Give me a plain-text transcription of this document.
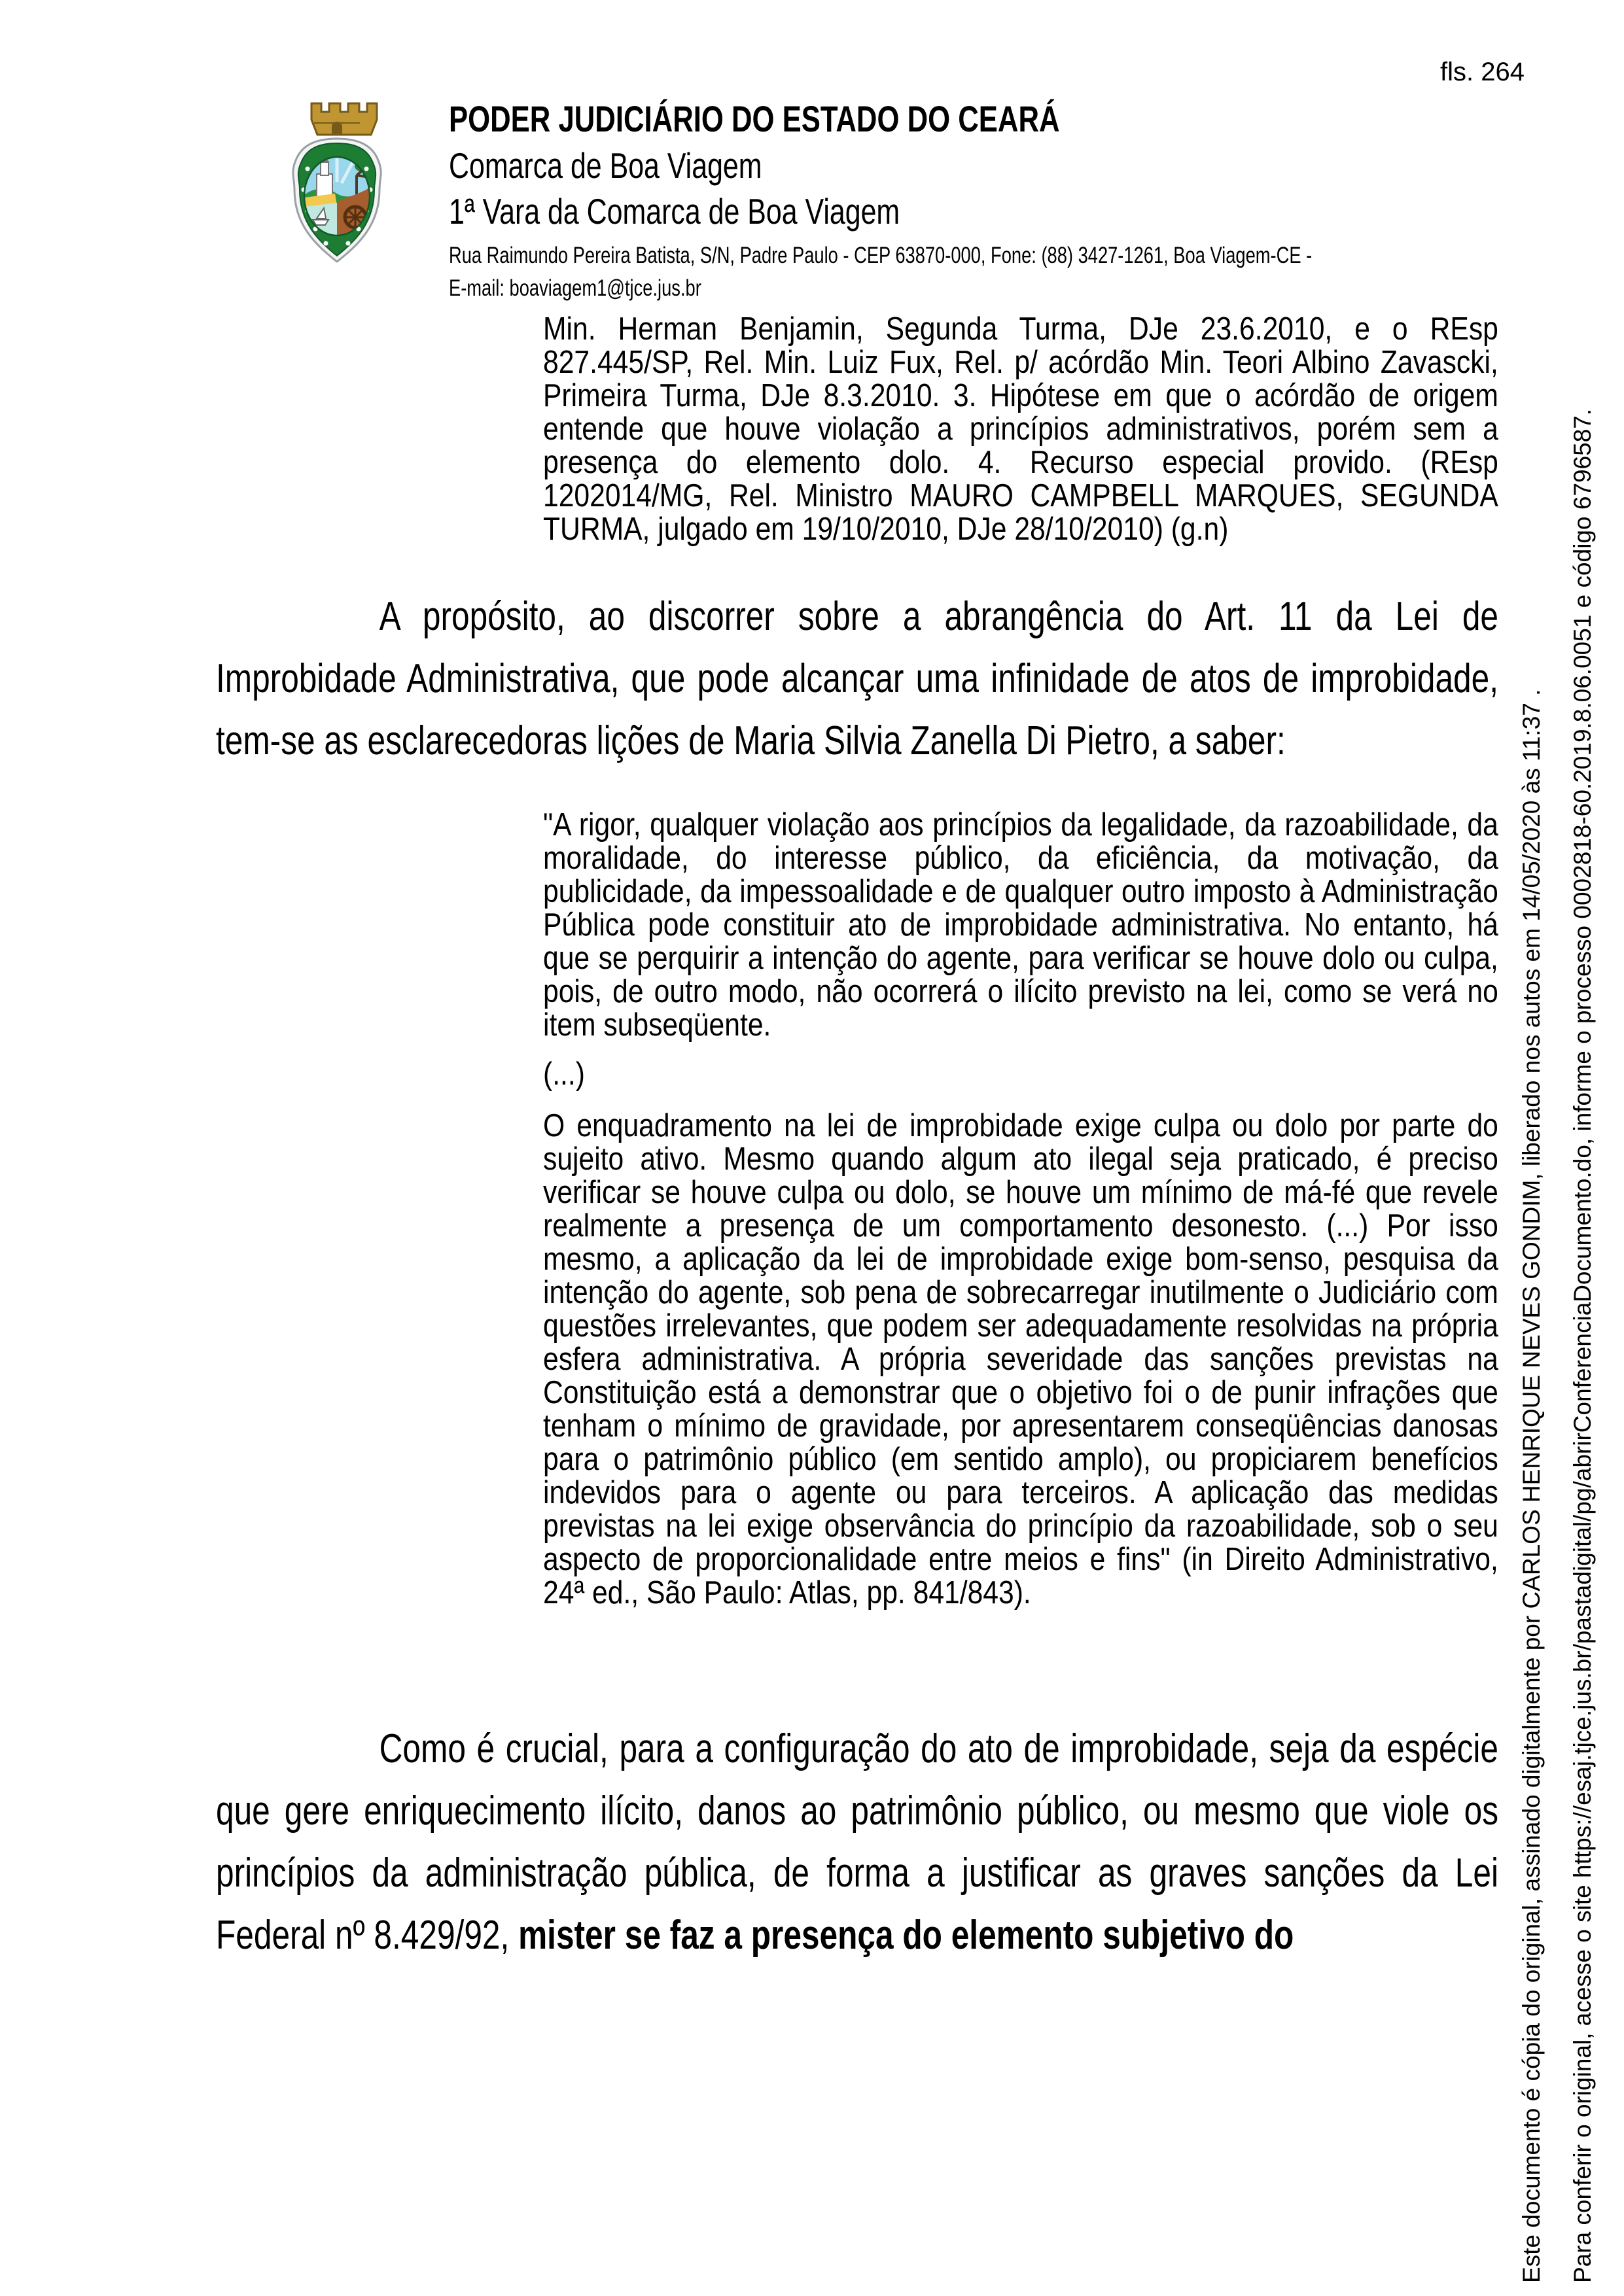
fls. 264
PODER JUDICIÁRIO DO ESTADO DO CEARÁ
Comarca de Boa Viagem
1ª Vara da Comarca de Boa Viagem
Rua Raimundo Pereira Batista, S/N, Padre Paulo - CEP 63870-000, Fone: (88) 3427-1261, Boa Viagem-CE -
E-mail: boaviagem1@tjce.jus.br

Min. Herman Benjamin, Segunda Turma, DJe 23.6.2010, e o REsp 827.445/SP, Rel. Min. Luiz Fux, Rel. p/ acórdão Min. Teori Albino Zavascki, Primeira Turma, DJe 8.3.2010. 3. Hipótese em que o acórdão de origem entende que houve violação a princípios administrativos, porém sem a presença do elemento dolo. 4. Recurso especial provido. (REsp 1202014/MG, Rel. Ministro MAURO CAMPBELL MARQUES, SEGUNDA TURMA, julgado em 19/10/2010, DJe 28/10/2010) (g.n)

A propósito, ao discorrer sobre a abrangência do Art. 11 da Lei de Improbidade Administrativa, que pode alcançar uma infinidade de atos de improbidade, tem-se as esclarecedoras lições de Maria Silvia Zanella Di Pietro, a saber:

"A rigor, qualquer violação aos princípios da legalidade, da razoabilidade, da moralidade, do interesse público, da eficiência, da motivação, da publicidade, da impessoalidade e de qualquer outro imposto à Administração Pública pode constituir ato de improbidade administrativa. No entanto, há que se perquirir a intenção do agente, para verificar se houve dolo ou culpa, pois, de outro modo, não ocorrerá o ilícito previsto na lei, como se verá no item subseqüente.

(...)

O enquadramento na lei de improbidade exige culpa ou dolo por parte do sujeito ativo. Mesmo quando algum ato ilegal seja praticado, é preciso verificar se houve culpa ou dolo, se houve um mínimo de má-fé que revele realmente a presença de um comportamento desonesto. (...) Por isso mesmo, a aplicação da lei de improbidade exige bom-senso, pesquisa da intenção do agente, sob pena de sobrecarregar inutilmente o Judiciário com questões irrelevantes, que podem ser adequadamente resolvidas na própria esfera administrativa. A própria severidade das sanções previstas na Constituição está a demonstrar que o objetivo foi o de punir infrações que tenham o mínimo de gravidade, por apresentarem conseqüências danosas para o patrimônio público (em sentido amplo), ou propiciarem benefícios indevidos para o agente ou para terceiros. A aplicação das medidas previstas na lei exige observância do princípio da razoabilidade, sob o seu aspecto de proporcionalidade entre meios e fins" (in Direito Administrativo, 24ª ed., São Paulo: Atlas, pp. 841/843).

Como é crucial, para a configuração do ato de improbidade, seja da espécie que gere enriquecimento ilícito, danos ao patrimônio público, ou mesmo que viole os princípios da administração pública, de forma a justificar as graves sanções da Lei Federal nº 8.429/92, mister se faz a presença do elemento subjetivo do	Este documento é cópia do original, assinado digitalmente por CARLOS HENRIQUE NEVES GONDIM, liberado nos autos em 14/05/2020 às 11:37 .	Para conferir o original, acesse o site https://esaj.tjce.jus.br/pastadigital/pg/abrirConferenciaDocumento.do, informe o processo 0002818-60.2019.8.06.0051 e código 6796587.
